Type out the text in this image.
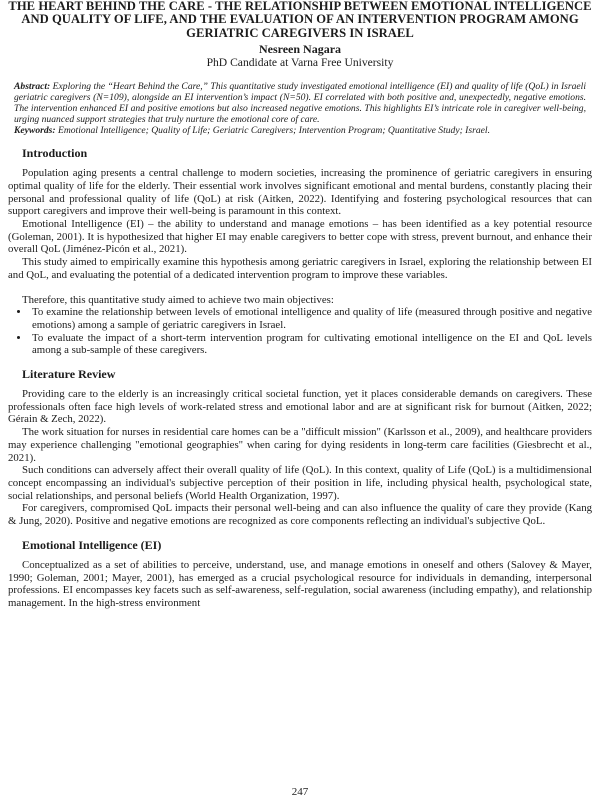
THE HEART BEHIND THE CARE - THE RELATIONSHIP BETWEEN EMOTIONAL INTELLIGENCE AND QUALITY OF LIFE, AND THE EVALUATION OF AN INTERVENTION PROGRAM AMONG GERIATRIC CAREGIVERS IN ISRAEL
Nesreen Nagara
PhD Candidate at Varna Free University
Abstract: Exploring the “Heart Behind the Care,” This quantitative study investigated emotional intelligence (EI) and quality of life (QoL) in Israeli geriatric caregivers (N=109), alongside an EI intervention’s impact (N=50). EI correlated with both positive and, unexpectedly, negative emotions. The intervention enhanced EI and positive emotions but also increased negative emotions. This highlights EI’s intricate role in caregiver well-being, urging nuanced support strategies that truly nurture the emotional core of care.
Keywords: Emotional Intelligence; Quality of Life; Geriatric Caregivers; Intervention Program; Quantitative Study; Israel.
Introduction

Population aging presents a central challenge to modern societies, increasing the prominence of geriatric caregivers in ensuring optimal quality of life for the elderly. Their essential work involves significant emotional and mental burdens, constantly placing their personal and professional quality of life (QoL) at risk (Aitken, 2022). Identifying and fostering psychological resources that can support caregivers and improve their well-being is paramount in this context.

Emotional Intelligence (EI) – the ability to understand and manage emotions – has been identified as a key potential resource (Goleman, 2001). It is hypothesized that higher EI may enable caregivers to better cope with stress, prevent burnout, and enhance their overall QoL (Jiménez-Picón et al., 2021).

This study aimed to empirically examine this hypothesis among geriatric caregivers in Israel, exploring the relationship between EI and QoL, and evaluating the potential of a dedicated intervention program to improve these variables.

Therefore, this quantitative study aimed to achieve two main objectives:

• To examine the relationship between levels of emotional intelligence and quality of life (measured through positive and negative emotions) among a sample of geriatric caregivers in Israel.
• To evaluate the impact of a short-term intervention program for cultivating emotional intelligence on the EI and QoL levels among a sub-sample of these caregivers.
Literature Review

Providing care to the elderly is an increasingly critical societal function, yet it places considerable demands on caregivers. These professionals often face high levels of work-related stress and emotional labor and are at significant risk for burnout (Aitken, 2022; Gérain & Zech, 2022).

The work situation for nurses in residential care homes can be a "difficult mission" (Karlsson et al., 2009), and healthcare providers may experience challenging "emotional geographies" when caring for dying residents in long-term care facilities (Giesbrecht et al., 2021).

Such conditions can adversely affect their overall quality of life (QoL). In this context, quality of Life (QoL) is a multidimensional concept encompassing an individual's subjective perception of their position in life, including physical health, psychological state, social relationships, and personal beliefs (World Health Organization, 1997).

For caregivers, compromised QoL impacts their personal well-being and can also influence the quality of care they provide (Kang & Jung, 2020). Positive and negative emotions are recognized as core components reflecting an individual's subjective QoL.

Emotional Intelligence (EI)

Conceptualized as a set of abilities to perceive, understand, use, and manage emotions in oneself and others (Salovey & Mayer, 1990; Goleman, 2001; Mayer, 2001), has emerged as a crucial psychological resource for individuals in demanding, interpersonal professions. EI encompasses key facets such as self-awareness, self-regulation, social awareness (including empathy), and relationship management. In the high-stress environment

247
